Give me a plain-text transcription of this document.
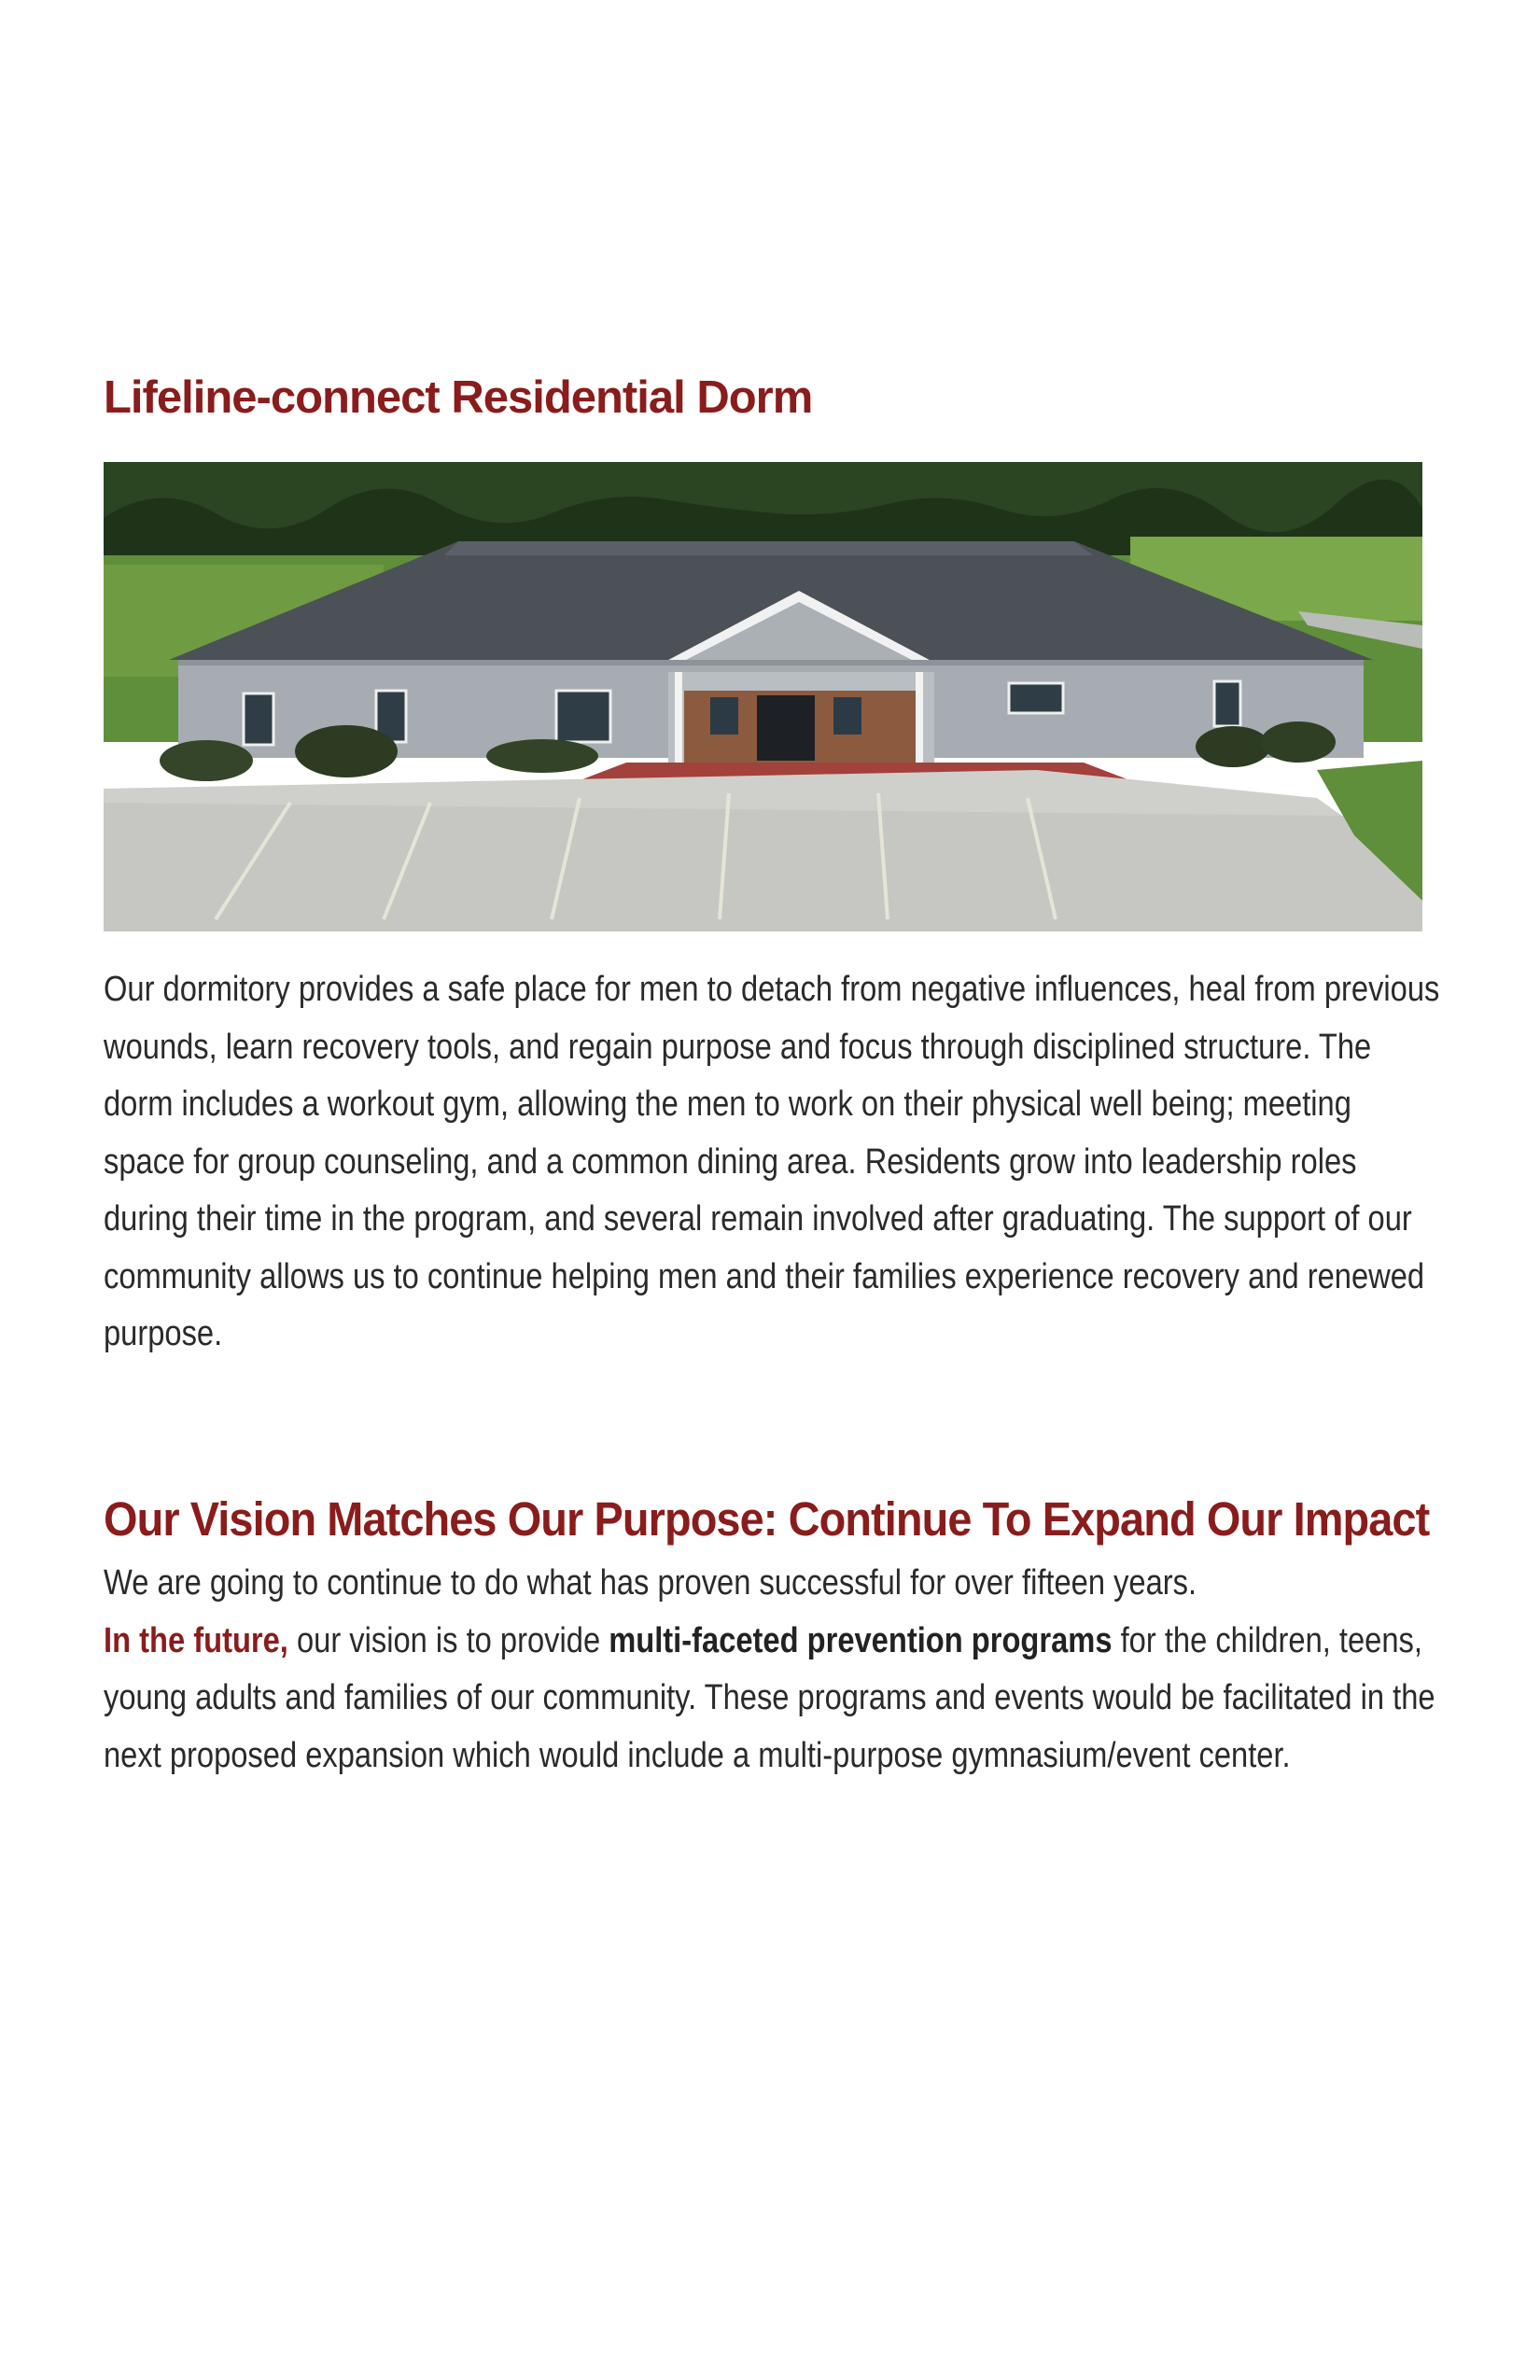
Lifeline-connect Residential Dorm

Our dormitory provides a safe place for men to detach from negative influences, heal from previous wounds, learn recovery tools, and regain purpose and focus through disciplined structure. The dorm includes a workout gym, allowing the men to work on their physical well being; meeting space for group counseling, and a common dining area. Residents grow into leadership roles during their time in the program, and several remain involved after graduating. The support of our community allows us to continue helping men and their families experience recovery and renewed purpose.

Our Vision Matches Our Purpose: Continue To Expand Our Impact
We are going to continue to do what has proven successful for over fifteen years.
In the future, our vision is to provide multi-faceted prevention programs for the children, teens, young adults and families of our community. These programs and events would be facilitated in the next proposed expansion which would include a multi-purpose gymnasium/event center.
